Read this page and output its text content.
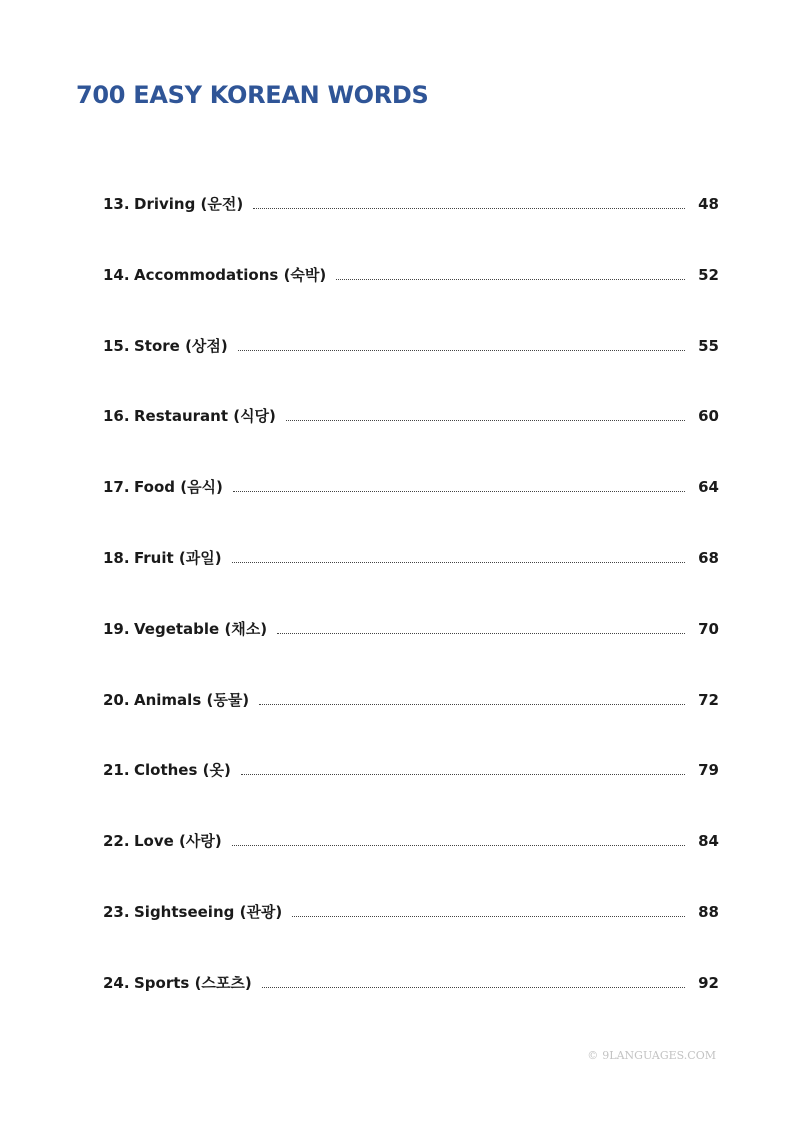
700 EASY KOREAN WORDS
13. Driving (운전)	48
14. Accommodations (숙박)	52
15. Store (상점)	55
16. Restaurant (식당)	60
17. Food (음식)	64
18. Fruit (과일)	68
19. Vegetable (채소)	70
20. Animals (동물)	72
21. Clothes (옷)	79
22. Love (사랑)	84
23. Sightseeing (관광)	88
24. Sports (스포츠)	92
© 9LANGUAGES.COM
